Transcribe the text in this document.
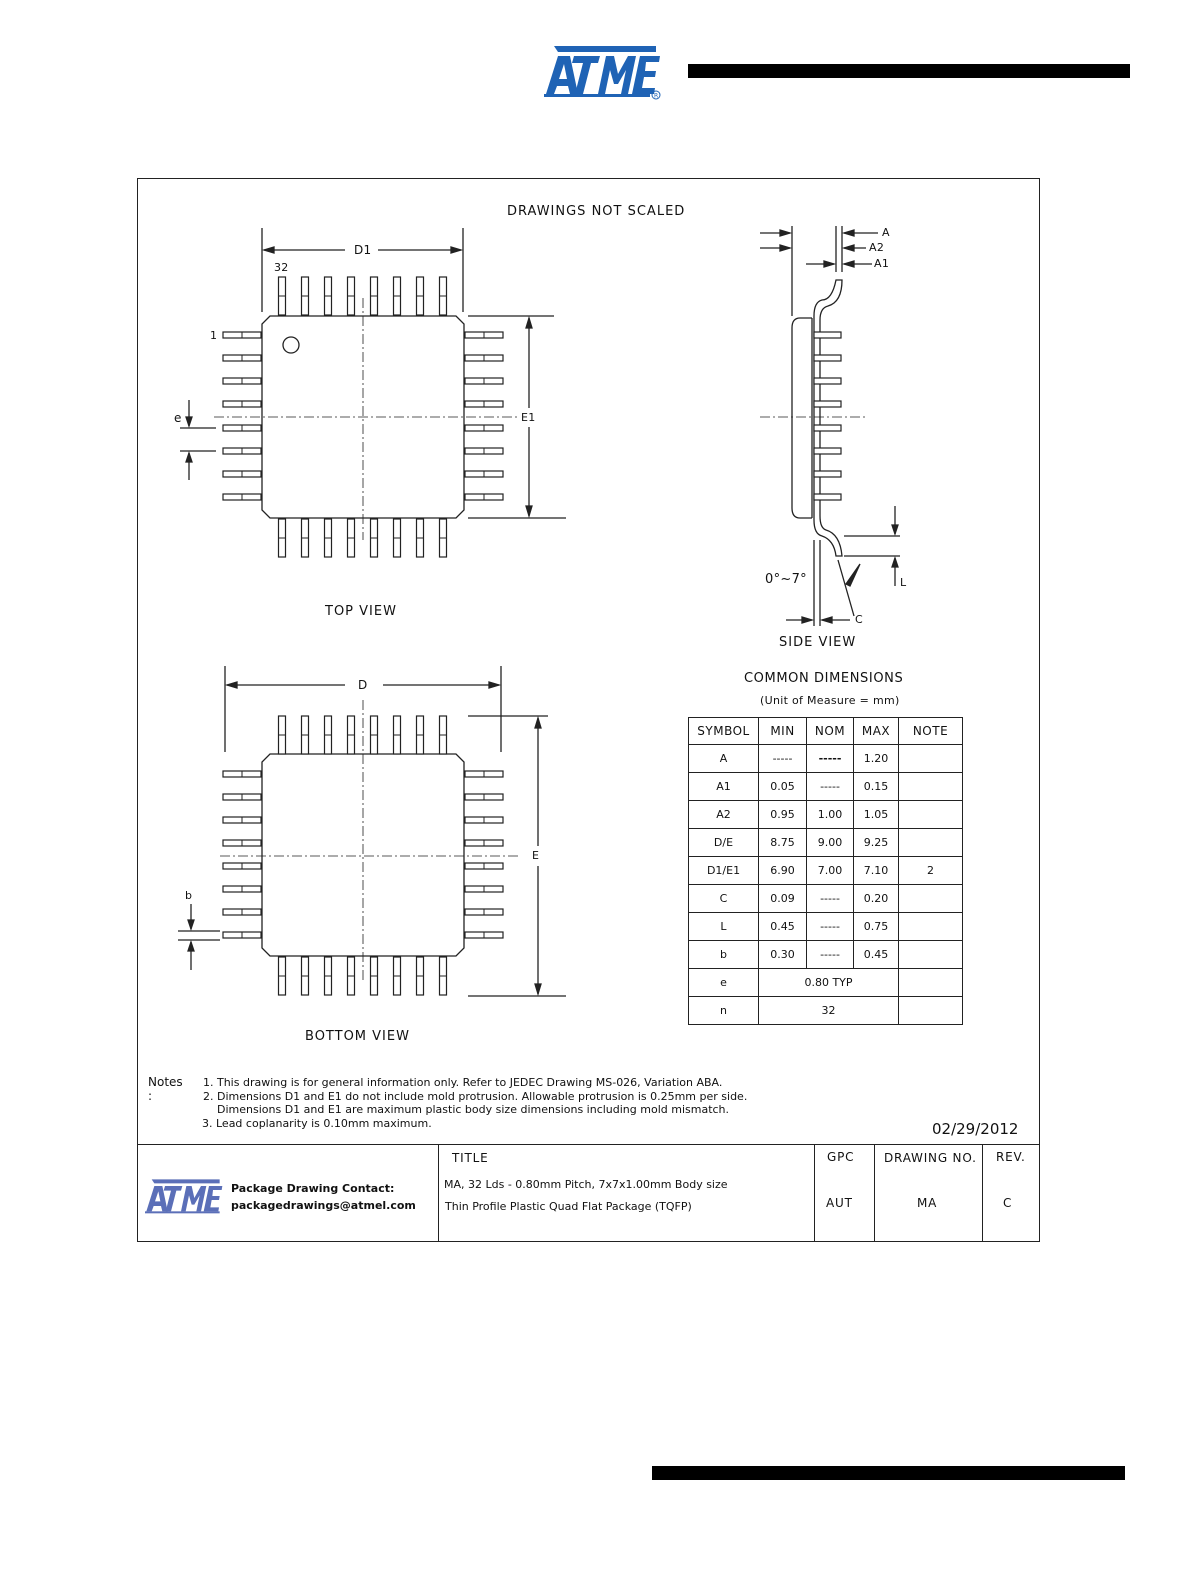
R
DRAWINGS NOT SCALED
D1
32
1
e	E1
TOP VIEW
A
A2
A1
0°~7°	L
C
SIDE VIEW
D
E
b
BOTTOM VIEW
COMMON DIMENSIONS
(Unit of Measure = mm)
SYMBOL	MIN	NOM	MAX	NOTE
A	-----	-----	1.20	
A1	0.05	-----	0.15	
A2	0.95	1.00	1.05	
D/E	8.75	9.00	9.25	
D1/E1	6.90	7.00	7.10	2
C	0.09	-----	0.20	
L	0.45	-----	0.75	
b	0.30	-----	0.45	
e	0.80 TYP			
n	32			
Notes :
1. This drawing is for general information only. Refer to JEDEC Drawing MS-026, Variation ABA.
2. Dimensions D1 and E1 do not include mold protrusion. Allowable protrusion is 0.25mm per side.
Dimensions D1 and E1 are maximum plastic body size dimensions including mold mismatch.
3. Lead coplanarity is 0.10mm maximum.	02/29/2012
Package Drawing Contact:
packagedrawings@atmel.com
TITLE
MA, 32 Lds - 0.80mm Pitch, 7x7x1.00mm Body size
Thin Profile Plastic Quad Flat Package (TQFP)
GPC
AUT
DRAWING NO.
MA
REV.
C
